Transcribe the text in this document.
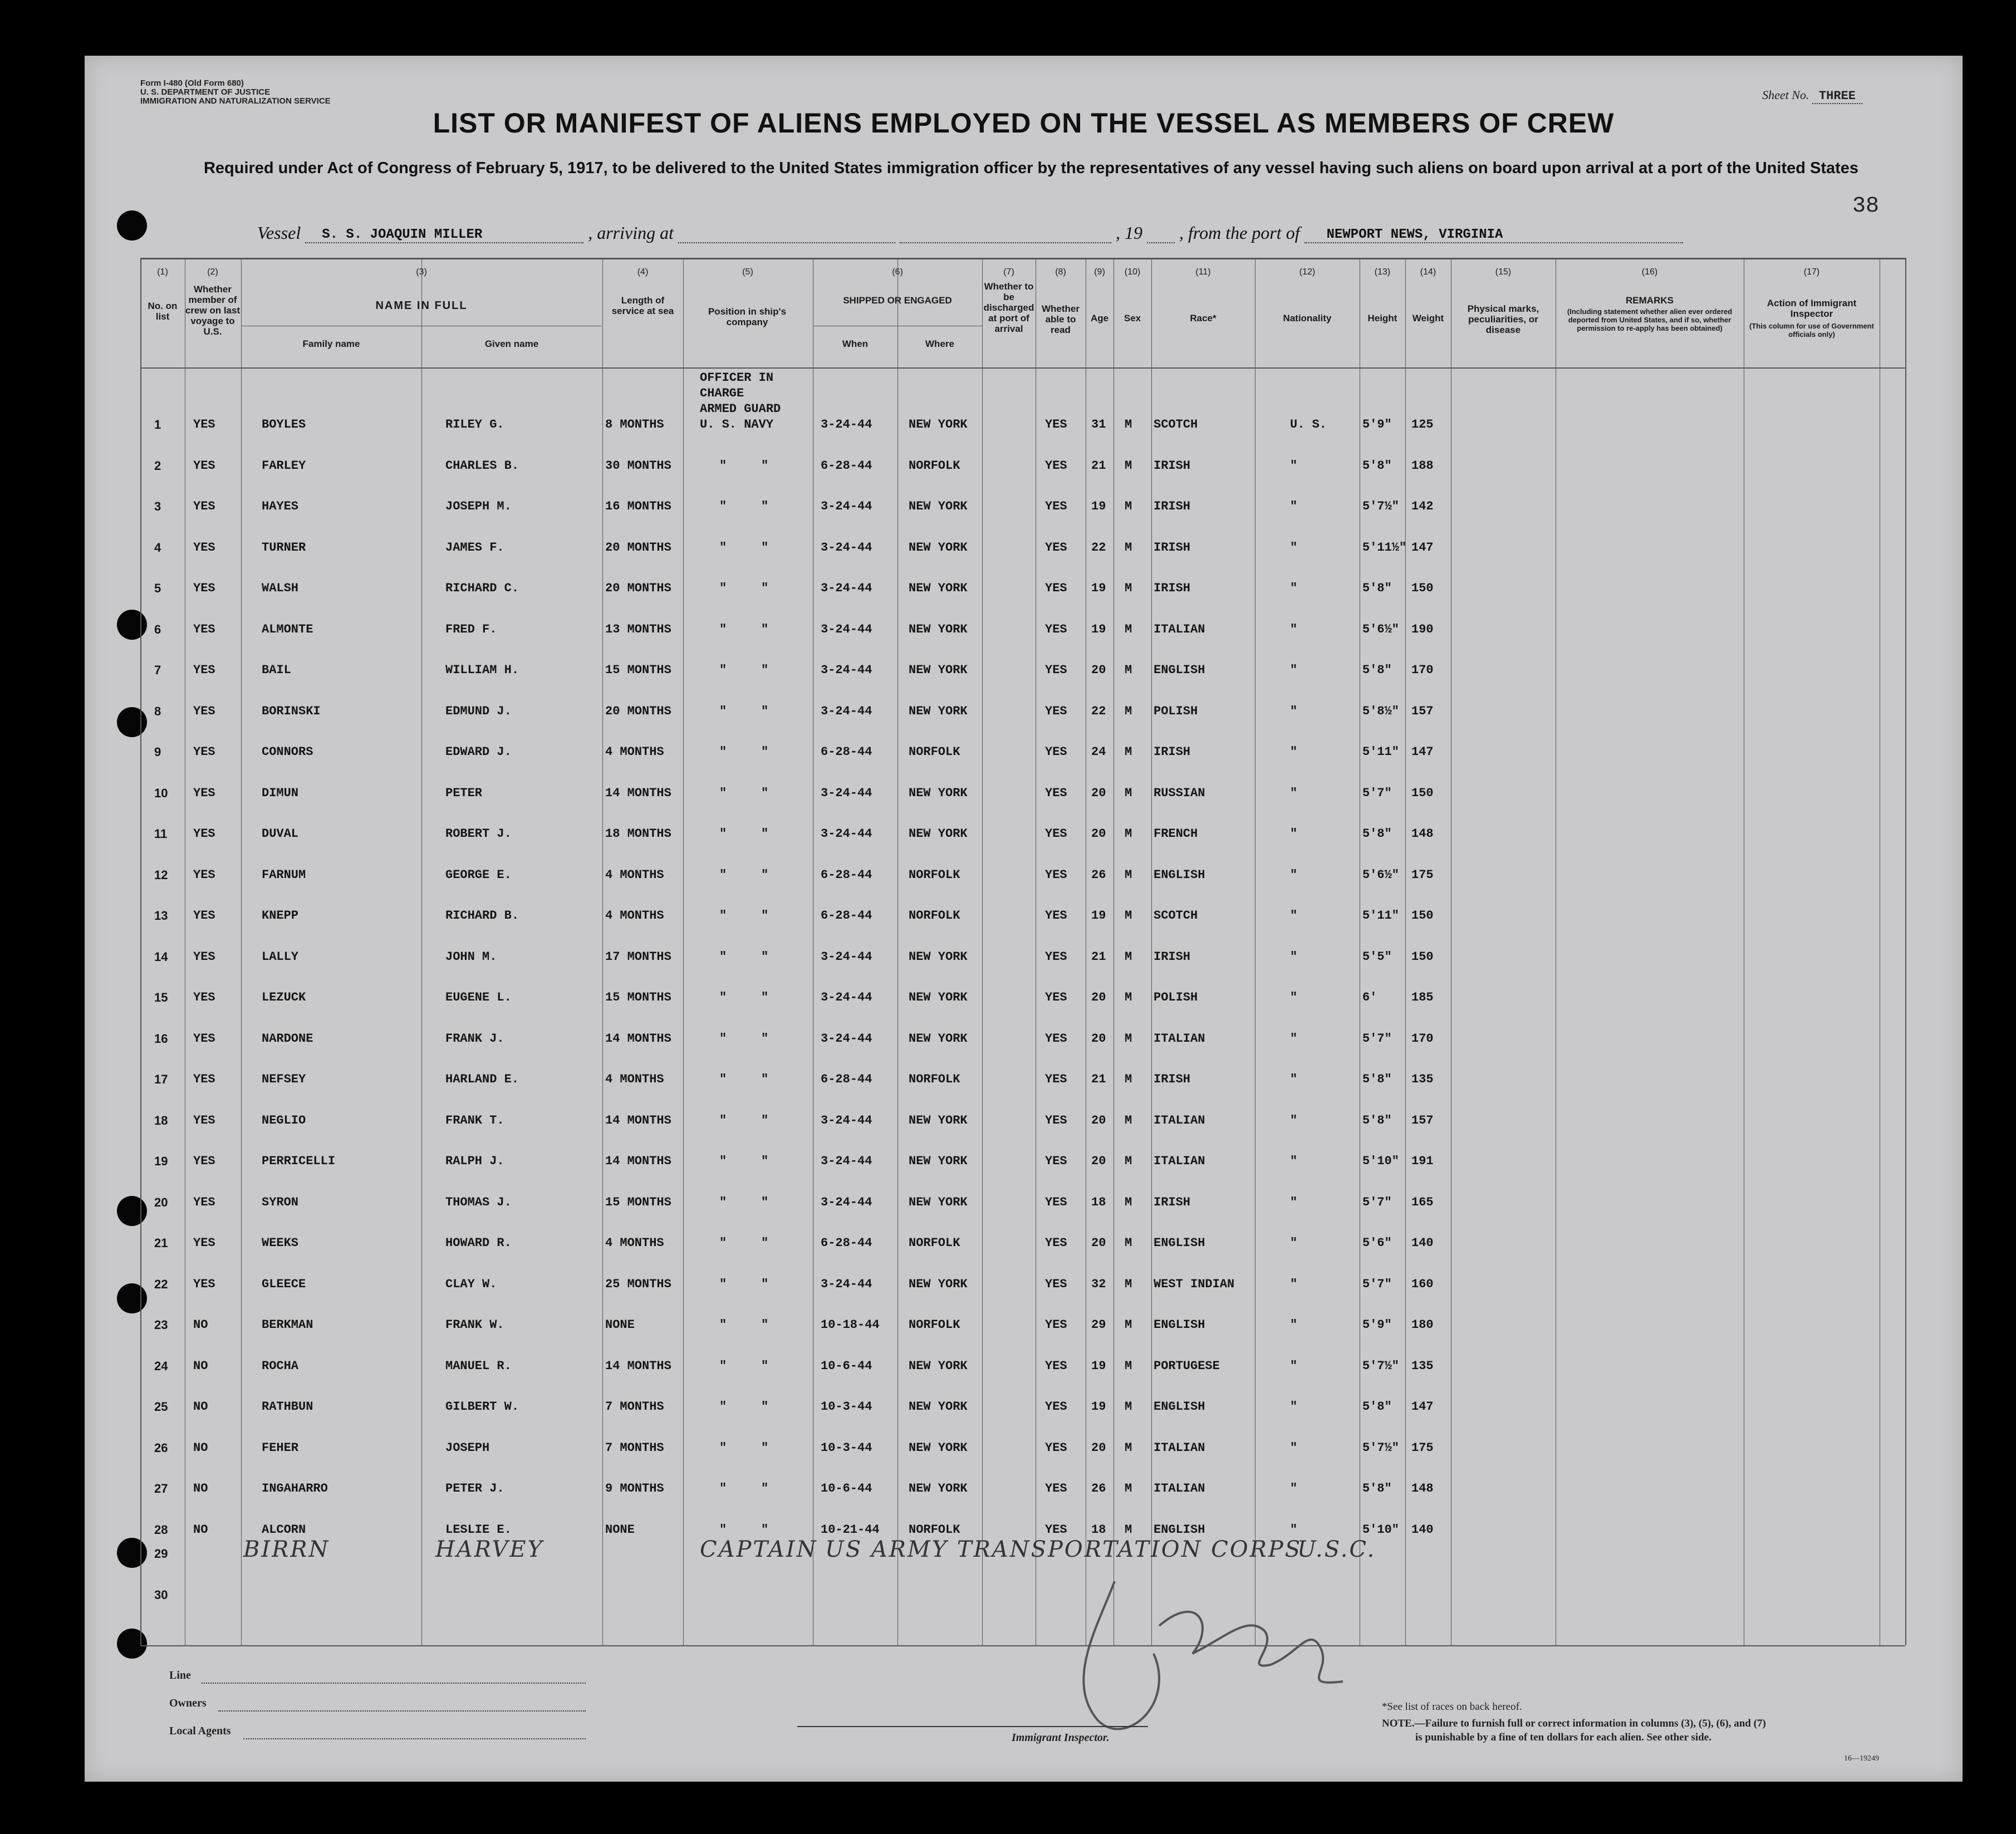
Form I-480 (Old Form 680)
U. S. DEPARTMENT OF JUSTICE
IMMIGRATION AND NATURALIZATION SERVICE	Sheet No. THREE
LIST OR MANIFEST OF ALIENS EMPLOYED ON THE VESSEL AS MEMBERS OF CREW
Required under Act of Congress of February 5, 1917, to be delivered to the United States immigration officer by the representatives of any vessel having such aliens on board upon arrival at a port of the United States
38
Vessel S. S. JOAQUIN MILLER	, arriving at	, 19 , from the port of NEWPORT NEWS, VIRGINIA
(1)
No. on list
(2)
Whether member of crew on last voyage to U.S.
(3)
NAME IN FULL
Family name	Given name
(4)
Length of service at sea
(5)
Position in ship's company
(6)
SHIPPED OR ENGAGED
When	Where
(7)
Whether to be discharged at port of arrival
(8)
Whether able to read
(9)
Age
(10)
Sex
(11)
Race*
(12)
Nationality
(13)
Height
(14)
Weight
(15)
Physical marks, peculiarities, or disease
(16)
REMARKS
(Including statement whether alien ever ordered deported from United States, and if so, whether permission to re-apply has been obtained)
(17)
Action of Immigrant Inspector
(This column for use of Government officials only)
OFFICER IN
CHARGE
ARMED GUARD
U. S. NAVY
1	YES	BOYLES	RILEY G.	8 MONTHS	3-24-44	NEW YORK	YES 31 M SCOTCH	U. S.	5'9" 125
2	YES	FARLEY	CHARLES B.	30 MONTHS	"	"	6-28-44	NORFOLK	YES 21 M IRISH	"	5'8" 188
3	YES	HAYES	JOSEPH M.	16 MONTHS	"	"	3-24-44	NEW YORK	YES 19 M IRISH	"	5'7½" 142
4	YES	TURNER	JAMES F.	20 MONTHS	"	"	3-24-44	NEW YORK	YES 22 M IRISH	"	5'11½" 147
5	YES	WALSH	RICHARD C.	20 MONTHS	"	"	3-24-44	NEW YORK	YES 19 M IRISH	"	5'8" 150
6	YES	ALMONTE	FRED F.	13 MONTHS	"	"	3-24-44	NEW YORK	YES 19 M ITALIAN	"	5'6½" 190
7	YES	BAIL	WILLIAM H.	15 MONTHS	"	"	3-24-44	NEW YORK	YES 20 M ENGLISH	"	5'8" 170
8	YES	BORINSKI	EDMUND J.	20 MONTHS	"	"	3-24-44	NEW YORK	YES 22 M POLISH	"	5'8½" 157
9	YES	CONNORS	EDWARD J.	4 MONTHS	"	"	6-28-44	NORFOLK	YES 24 M IRISH	"	5'11" 147
10 YES	DIMUN	PETER	14 MONTHS	"	"	3-24-44	NEW YORK	YES 20 M RUSSIAN	"	5'7" 150
11 YES	DUVAL	ROBERT J.	18 MONTHS	"	"	3-24-44	NEW YORK	YES 20 M FRENCH	"	5'8" 148
12 YES	FARNUM	GEORGE E.	4 MONTHS	"	"	6-28-44	NORFOLK	YES 26 M ENGLISH	"	5'6½" 175
13 YES	KNEPP	RICHARD B.	4 MONTHS	"	"	6-28-44	NORFOLK	YES 19 M SCOTCH	"	5'11" 150
14 YES	LALLY	JOHN M.	17 MONTHS	"	"	3-24-44	NEW YORK	YES 21 M IRISH	"	5'5" 150
15 YES	LEZUCK	EUGENE L.	15 MONTHS	"	"	3-24-44	NEW YORK	YES 20 M POLISH	"	6'	185
16 YES	NARDONE	FRANK J.	14 MONTHS	"	"	3-24-44	NEW YORK	YES 20 M ITALIAN	"	5'7" 170
17 YES	NEFSEY	HARLAND E.	4 MONTHS	"	"	6-28-44	NORFOLK	YES 21 M IRISH	"	5'8" 135
18 YES	NEGLIO	FRANK T.	14 MONTHS	"	"	3-24-44	NEW YORK	YES 20 M ITALIAN	"	5'8" 157
19 YES	PERRICELLI	RALPH J.	14 MONTHS	"	"	3-24-44	NEW YORK	YES 20 M ITALIAN	"	5'10" 191
20 YES	SYRON	THOMAS J.	15 MONTHS	"	"	3-24-44	NEW YORK	YES 18 M IRISH	"	5'7" 165
21 YES	WEEKS	HOWARD R.	4 MONTHS	"	"	6-28-44	NORFOLK	YES 20 M ENGLISH	"	5'6" 140
22 YES	GLEECE	CLAY W.	25 MONTHS	"	"	3-24-44	NEW YORK	YES 32 M WEST INDIAN	"	5'7" 160
23 NO	BERKMAN	FRANK W.	NONE	"	"	10-18-44 NORFOLK	YES 29 M ENGLISH	"	5'9" 180
24 NO	ROCHA	MANUEL R.	14 MONTHS	"	"	10-6-44	NEW YORK	YES 19 M PORTUGESE	"	5'7½" 135
25 NO	RATHBUN	GILBERT W.	7 MONTHS	"	"	10-3-44	NEW YORK	YES 19 M ENGLISH	"	5'8" 147
26 NO	FEHER	JOSEPH	7 MONTHS	"	"	10-3-44	NEW YORK	YES 20 M ITALIAN	"	5'7½" 175
27 NO	INGAHARRO	PETER J.	9 MONTHS	"	"	10-6-44	NEW YORK	YES 26 M ITALIAN	"	5'8" 148
28 NO	ALCORN	LESLIE E.	NONE	"	"	10-21-44 NORFOLK	YES 18 M ENGLISH	"	5'10" 140
29	BIRRN	HARVEY	CAPTAIN US ARMY TRANSPORTATION CORPS
U.S.C.
30
Line
Owners
Local Agents
Immigrant Inspector.
*See list of races on back hereof.
NOTE.—Failure to furnish full or correct information in columns (3), (5), (6), and (7)
is punishable by a fine of ten dollars for each alien. See other side.
16—19249
